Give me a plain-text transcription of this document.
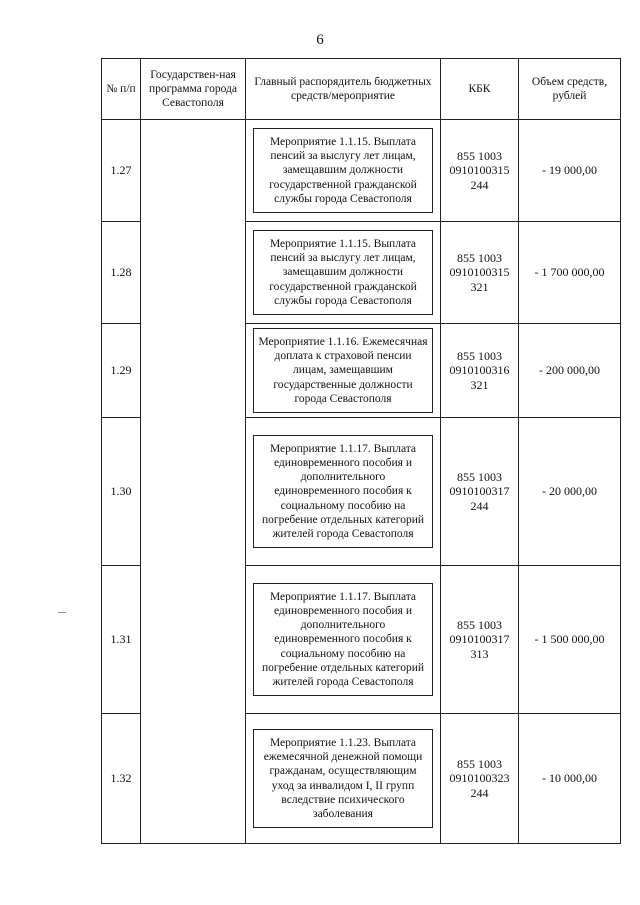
6
№ п/п	Государствен-ная программа города Севастополя	Главный распорядитель бюджетных средств/мероприятие	КБК	Объем средств, рублей
1.27		Мероприятие 1.1.15. Выплата пенсий за выслугу лет лицам, замещавшим должности государственной гражданской службы города Севастополя	855 1003
0910100315
244	- 19 000,00
1.28		Мероприятие 1.1.15. Выплата пенсий за выслугу лет лицам, замещавшим должности государственной гражданской службы города Севастополя	855 1003
0910100315
321	- 1 700 000,00
1.29		Мероприятие 1.1.16. Ежемесячная доплата к страховой пенсии лицам, замещавшим государственные должности города Севастополя	855 1003
0910100316
321	- 200 000,00
1.30		Мероприятие 1.1.17. Выплата единовременного пособия и дополнительного единовременного пособия к социальному пособию на погребение отдельных категорий жителей города Севастополя	855 1003
0910100317
244	- 20 000,00
1.31		Мероприятие 1.1.17. Выплата единовременного пособия и дополнительного единовременного пособия к социальному пособию на погребение отдельных категорий жителей города Севастополя	855 1003
0910100317
313	- 1 500 000,00
1.32		Мероприятие 1.1.23. Выплата ежемесячной денежной помощи гражданам, осуществляющим уход за инвалидом I, II групп вследствие психического заболевания	855 1003
0910100323
244	- 10 000,00
